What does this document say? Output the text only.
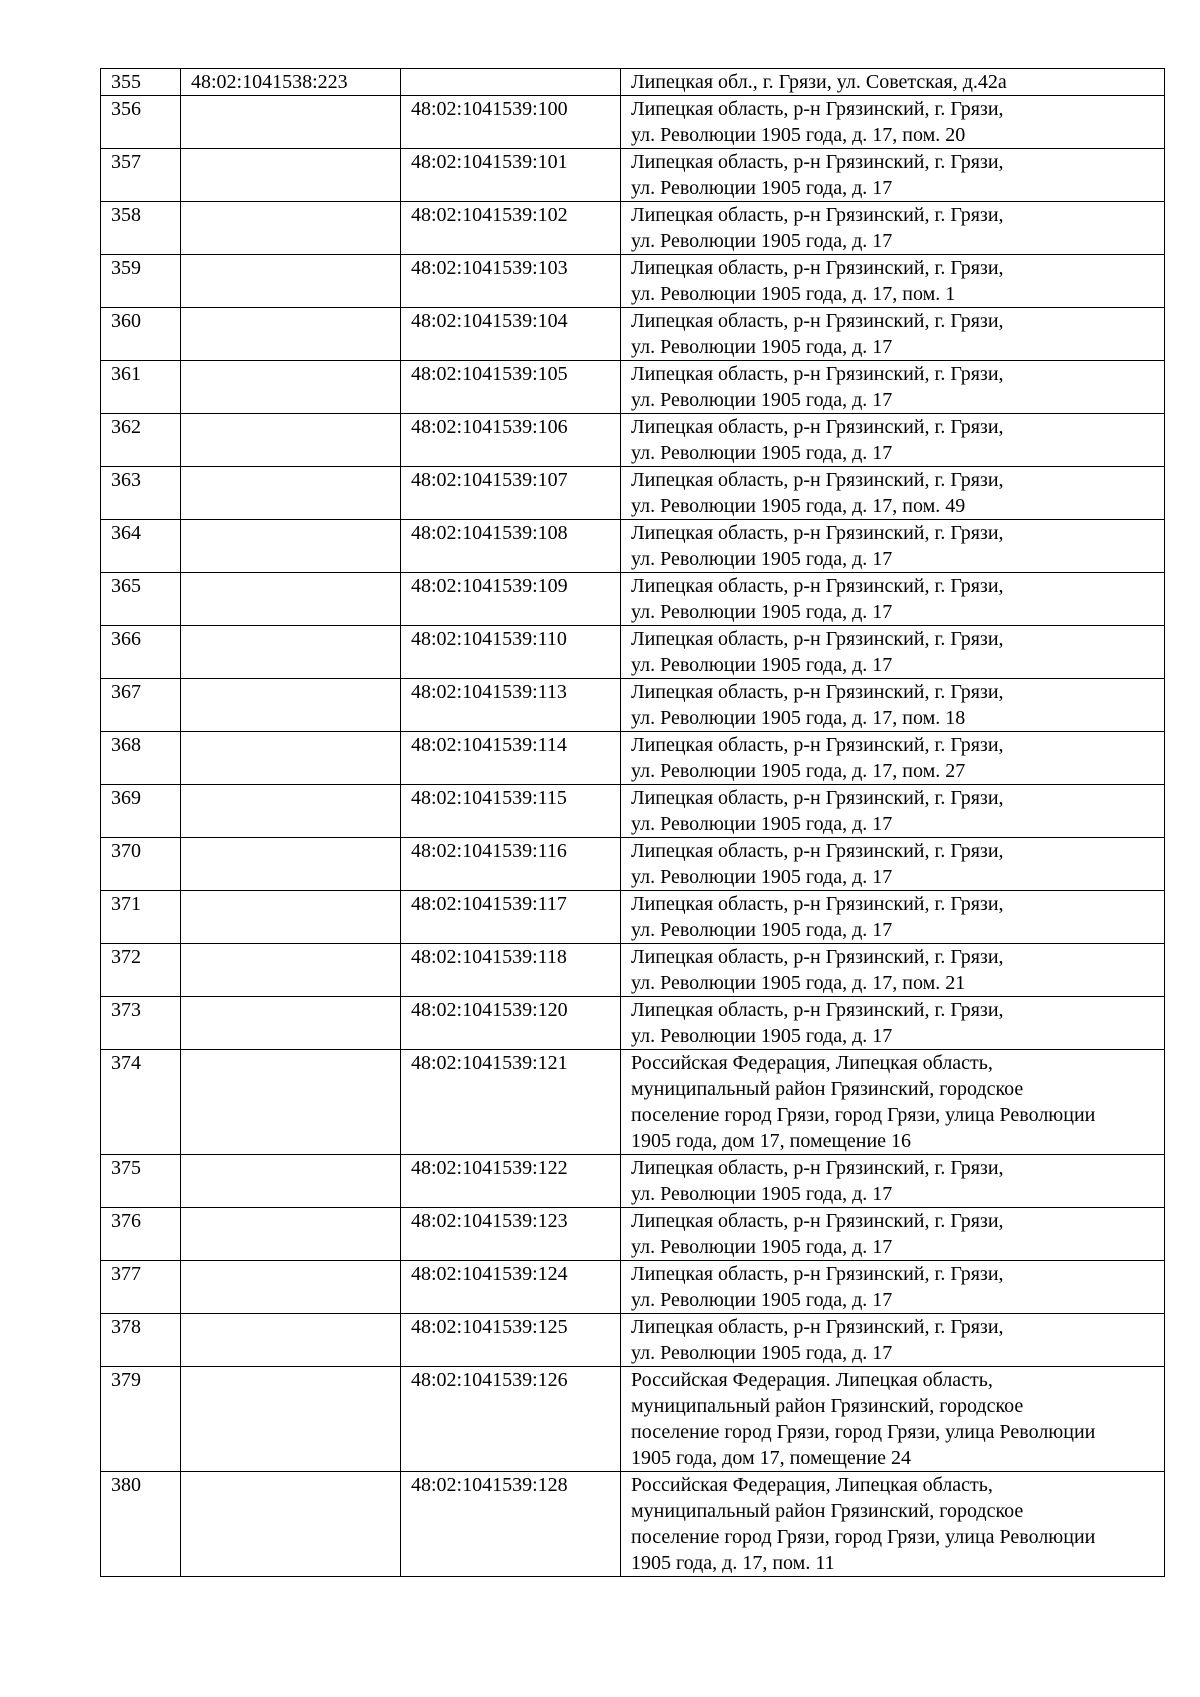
355	48:02:1041538:223		Липецкая обл., г. Грязи, ул. Советская, д.42а

356		48:02:1041539:100	Липецкая область, р-н Грязинский, г. Грязи,
ул. Революции 1905 года, д. 17, пом. 20

357		48:02:1041539:101	Липецкая область, р-н Грязинский, г. Грязи,
ул. Революции 1905 года, д. 17

358		48:02:1041539:102	Липецкая область, р-н Грязинский, г. Грязи,
ул. Революции 1905 года, д. 17

359		48:02:1041539:103	Липецкая область, р-н Грязинский, г. Грязи,
ул. Революции 1905 года, д. 17, пом. 1

360		48:02:1041539:104	Липецкая область, р-н Грязинский, г. Грязи,
ул. Революции 1905 года, д. 17

361		48:02:1041539:105	Липецкая область, р-н Грязинский, г. Грязи,
ул. Революции 1905 года, д. 17

362		48:02:1041539:106	Липецкая область, р-н Грязинский, г. Грязи,
ул. Революции 1905 года, д. 17

363		48:02:1041539:107	Липецкая область, р-н Грязинский, г. Грязи,
ул. Революции 1905 года, д. 17, пом. 49

364		48:02:1041539:108	Липецкая область, р-н Грязинский, г. Грязи,
ул. Революции 1905 года, д. 17

365		48:02:1041539:109	Липецкая область, р-н Грязинский, г. Грязи,
ул. Революции 1905 года, д. 17

366		48:02:1041539:110	Липецкая область, р-н Грязинский, г. Грязи,
ул. Революции 1905 года, д. 17

367		48:02:1041539:113	Липецкая область, р-н Грязинский, г. Грязи,
ул. Революции 1905 года, д. 17, пом. 18

368		48:02:1041539:114	Липецкая область, р-н Грязинский, г. Грязи,
ул. Революции 1905 года, д. 17, пом. 27

369		48:02:1041539:115	Липецкая область, р-н Грязинский, г. Грязи,
ул. Революции 1905 года, д. 17

370		48:02:1041539:116	Липецкая область, р-н Грязинский, г. Грязи,
ул. Революции 1905 года, д. 17

371		48:02:1041539:117	Липецкая область, р-н Грязинский, г. Грязи,
ул. Революции 1905 года, д. 17

372		48:02:1041539:118	Липецкая область, р-н Грязинский, г. Грязи,
ул. Революции 1905 года, д. 17, пом. 21

373		48:02:1041539:120	Липецкая область, р-н Грязинский, г. Грязи,
ул. Революции 1905 года, д. 17

374		48:02:1041539:121	Российская Федерация, Липецкая область,
муниципальный район Грязинский, городское
поселение город Грязи, город Грязи, улица Революции
1905 года, дом 17, помещение 16

375		48:02:1041539:122	Липецкая область, р-н Грязинский, г. Грязи,
ул. Революции 1905 года, д. 17

376		48:02:1041539:123	Липецкая область, р-н Грязинский, г. Грязи,
ул. Революции 1905 года, д. 17

377		48:02:1041539:124	Липецкая область, р-н Грязинский, г. Грязи,
ул. Революции 1905 года, д. 17

378		48:02:1041539:125	Липецкая область, р-н Грязинский, г. Грязи,
ул. Революции 1905 года, д. 17

379		48:02:1041539:126	Российская Федерация. Липецкая область,
муниципальный район Грязинский, городское
поселение город Грязи, город Грязи, улица Революции
1905 года, дом 17, помещение 24

380		48:02:1041539:128	Российская Федерация, Липецкая область,
муниципальный район Грязинский, городское
поселение город Грязи, город Грязи, улица Революции
1905 года, д. 17, пом. 11
